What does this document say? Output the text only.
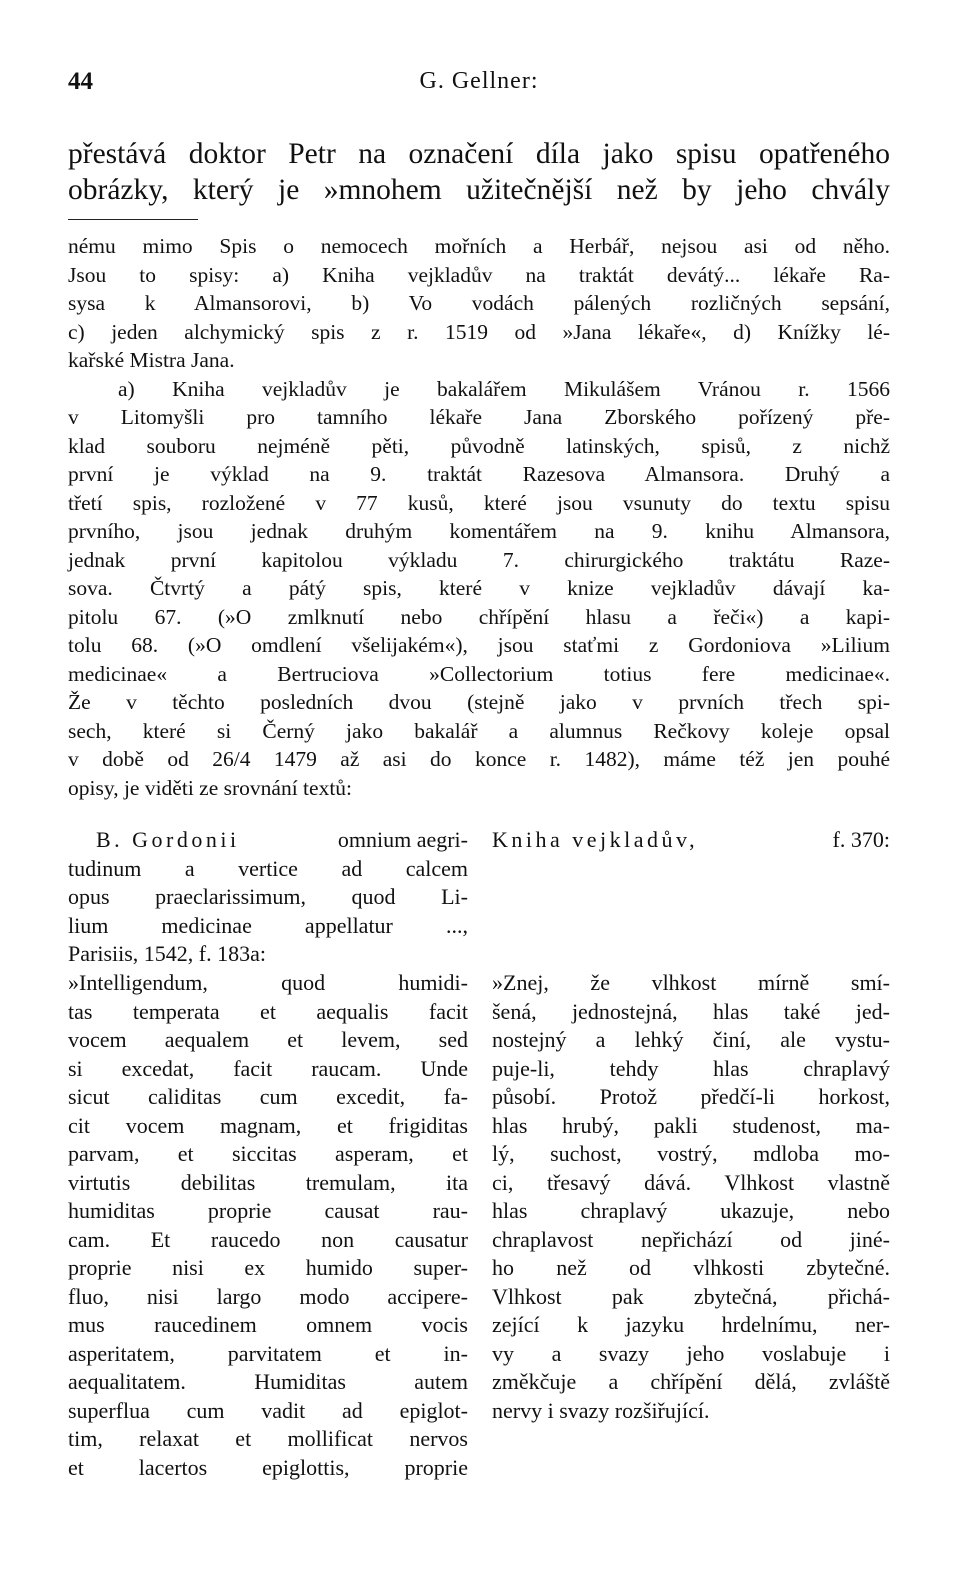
44	G. Gellner:
přestává doktor Petr na označení díla jako spisu opatřeného
obrázky, který je »mnohem užitečnější než by jeho chvály
nému mimo Spis o nemocech mořních a Herbář, nejsou asi od něho.
Jsou to spisy: a) Kniha vejkladův na traktát devátý... lékaře Ra-
sysa k Almansorovi, b) Vo vodách pálených rozličných sepsání,
c) jeden alchymický spis z r. 1519 od »Jana lékaře«, d) Knížky lé-
kařské Mistra Jana.
a) Kniha vejkladův je bakalářem Mikulášem Vránou r. 1566
v Litomyšli pro tamního lékaře Jana Zborského pořízený pře-
klad souboru nejméně pěti, původně latinských, spisů, z nichž
první je výklad na 9. traktát Razesova Almansora. Druhý a
třetí spis, rozložené v 77 kusů, které jsou vsunuty do textu spisu
prvního, jsou jednak druhým komentářem na 9. knihu Almansora,
jednak první kapitolou výkladu 7. chirurgického traktátu Raze-
sova. Čtvrtý a pátý spis, které v knize vejkladův dávají ka-
pitolu 67. (»O zmlknutí nebo chřípění hlasu a řeči«) a kapi-
tolu 68. (»O omdlení všelijakém«), jsou staťmi z Gordoniova »Lilium
medicinae« a Bertruciova »Collectorium totius fere medicinae«.
Že v těchto posledních dvou (stejně jako v prvních třech spi-
sech, které si Černý jako bakalář a alumnus Rečkovy koleje opsal
v době od 26/4 1479 až asi do konce r. 1482), máme též jen pouhé
opisy, je viděti ze srovnání textů:
B. Gordonii	omnium aegri-
tudinum a vertice ad calcem
opus praeclarissimum, quod Li-
lium medicinae appellatur ...,
Parisiis, 1542, f. 183a:
»Intelligendum, quod humidi-
tas temperata et aequalis facit
vocem aequalem et levem, sed
si excedat, facit raucam. Unde
sicut caliditas cum excedit, fa-
cit vocem magnam, et frigiditas
parvam, et siccitas asperam, et
virtutis debilitas tremulam, ita
humiditas proprie causat rau-
cam. Et raucedo non causatur
proprie nisi ex humido super-
fluo, nisi largo modo accipere-
mus raucedinem omnem vocis
asperitatem, parvitatem et in-
aequalitatem. Humiditas autem
superflua cum vadit ad epiglot-
tim, relaxat et mollificat nervos
et lacertos epiglottis, proprie
Kniha vejkladův,	f. 370:
»Znej, že vlhkost mírně smí-
šená, jednostejná, hlas také jed-
nostejný a lehký činí, ale vystu-
puje-li, tehdy hlas chraplavý
působí. Protož předčí-li horkost,
hlas hrubý, pakli studenost, ma-
lý, suchost, vostrý, mdloba mo-
ci, třesavý dává. Vlhkost vlastně
hlas chraplavý ukazuje, nebo
chraplavost nepřichází od jiné-
ho než od vlhkosti zbytečné.
Vlhkost pak zbytečná, přichá-
zející k jazyku hrdelnímu, ner-
vy a svazy jeho voslabuje i
změkčuje a chřípění dělá, zvláště
nervy i svazy rozšiřující.
